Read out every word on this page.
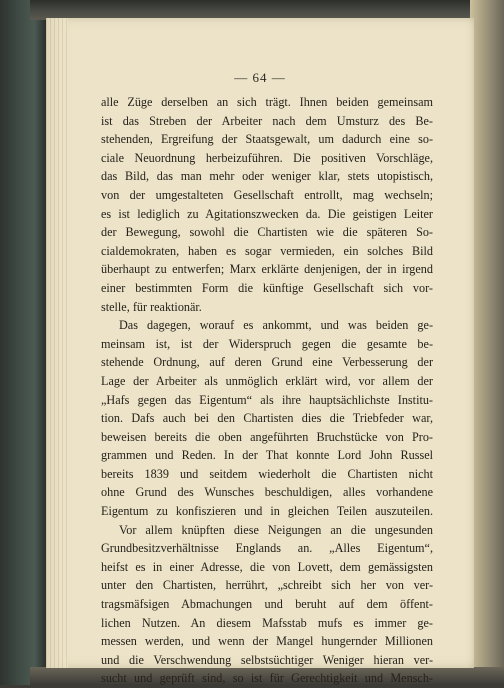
— 64 —
alle Züge derselben an sich trägt. Ihnen beiden gemeinsam
ist das Streben der Arbeiter nach dem Umsturz des Be-
stehenden, Ergreifung der Staatsgewalt, um dadurch eine so-
ciale Neuordnung herbeizuführen. Die positiven Vorschläge,
das Bild, das man mehr oder weniger klar, stets utopistisch,
von der umgestalteten Gesellschaft entrollt, mag wechseln;
es ist lediglich zu Agitationszwecken da. Die geistigen Leiter
der Bewegung, sowohl die Chartisten wie die späteren So-
cialdemokraten, haben es sogar vermieden, ein solches Bild
überhaupt zu entwerfen; Marx erklärte denjenigen, der in irgend
einer bestimmten Form die künftige Gesellschaft sich vor-
stelle, für reaktionär.
Das dagegen, worauf es ankommt, und was beiden ge-
meinsam ist, ist der Widerspruch gegen die gesamte be-
stehende Ordnung, auf deren Grund eine Verbesserung der
Lage der Arbeiter als unmöglich erklärt wird, vor allem der
„Hafs gegen das Eigentum“ als ihre hauptsächlichste Institu-
tion. Dafs auch bei den Chartisten dies die Triebfeder war,
beweisen bereits die oben angeführten Bruchstücke von Pro-
grammen und Reden. In der That konnte Lord John Russel
bereits 1839 und seitdem wiederholt die Chartisten nicht
ohne Grund des Wunsches beschuldigen, alles vorhandene
Eigentum zu konfiszieren und in gleichen Teilen auszuteilen.
Vor allem knüpften diese Neigungen an die ungesunden
Grundbesitzverhältnisse Englands an. „Alles Eigentum“,
heifst es in einer Adresse, die von Lovett, dem gemässigsten
unter den Chartisten, herrührt, „schreibt sich her von ver-
tragsmäfsigen Abmachungen und beruht auf dem öffent-
lichen Nutzen. An diesem Mafsstab mufs es immer ge-
messen werden, und wenn der Mangel hungernder Millionen
und die Verschwendung selbstsüchtiger Weniger hieran ver-
sucht und geprüft sind, so ist für Gerechtigkeit und Mensch-
